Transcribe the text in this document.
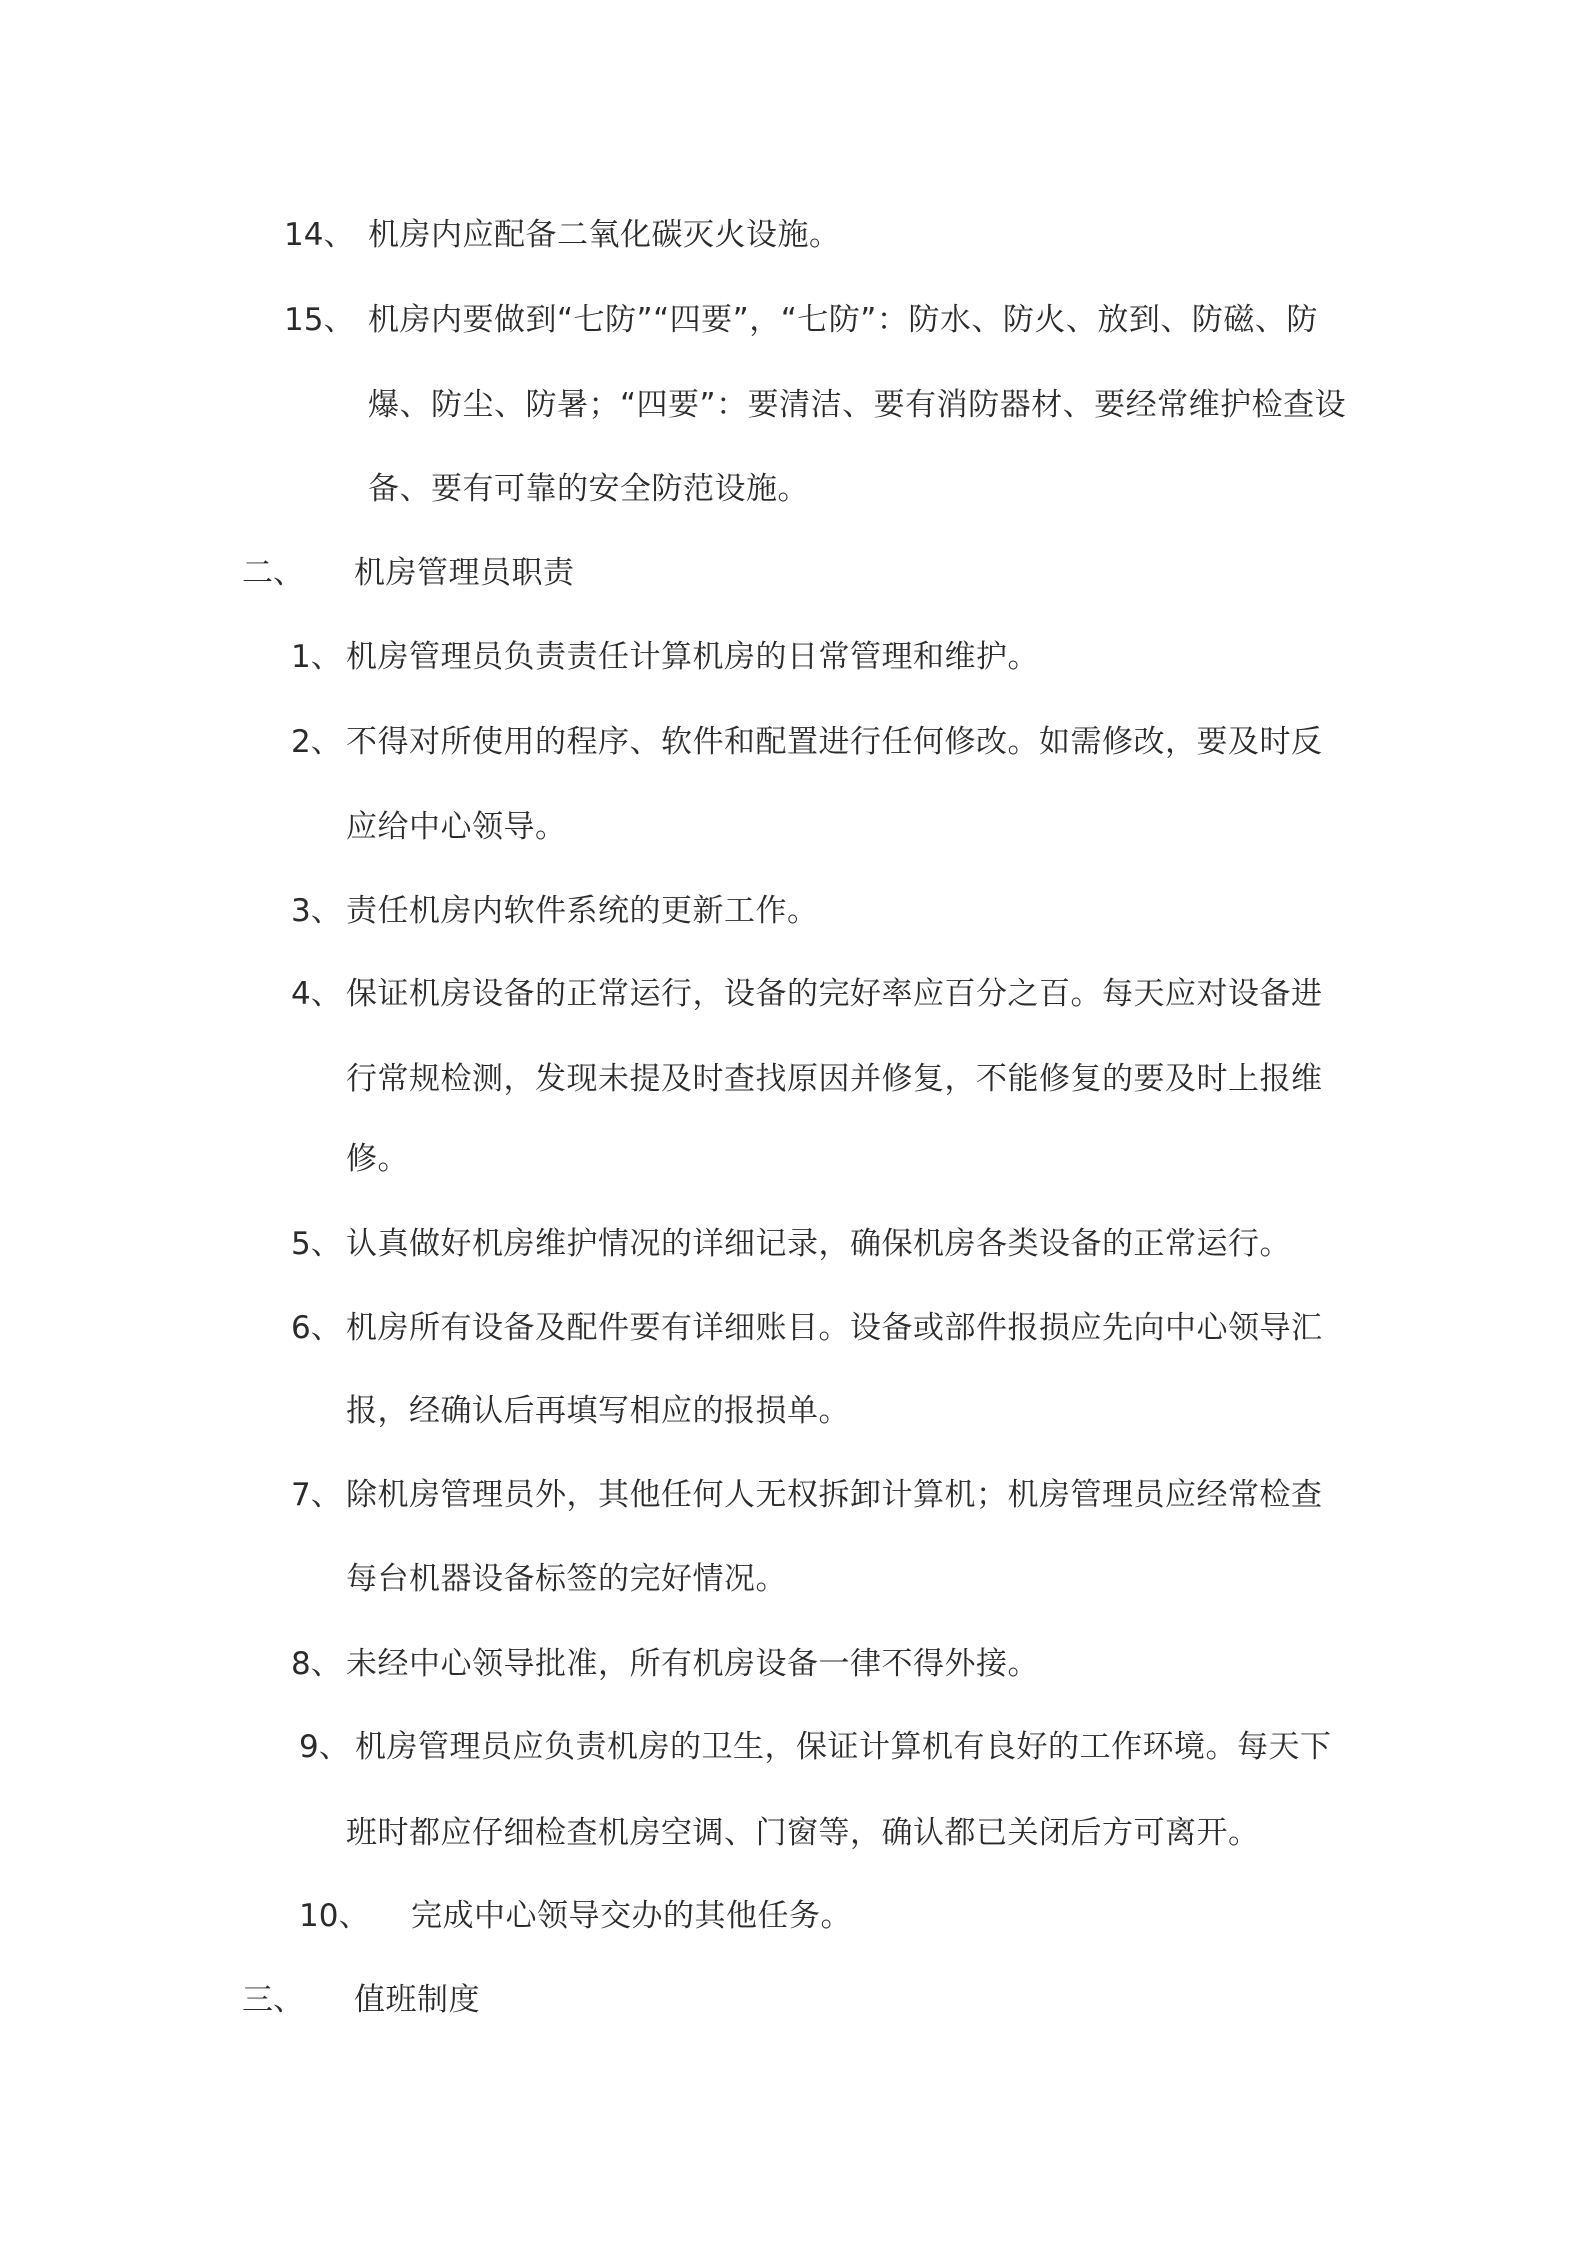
14、 机房内应配备二氧化碳灭火设施。
15、 机房内要做到“七防”“四要”，“七防”：防水、防火、放到、防磁、防
爆、防尘、防暑；“四要”：要清洁、要有消防器材、要经常维护检查设
备、要有可靠的安全防范设施。
二、 机房管理员职责
1、 机房管理员负责责任计算机房的日常管理和维护。
2、 不得对所使用的程序、软件和配置进行任何修改。如需修改，要及时反
应给中心领导。
3、 责任机房内软件系统的更新工作。
4、 保证机房设备的正常运行，设备的完好率应百分之百。每天应对设备进
行常规检测，发现未提及时查找原因并修复，不能修复的要及时上报维
修。
5、 认真做好机房维护情况的详细记录，确保机房各类设备的正常运行。
6、 机房所有设备及配件要有详细账目。设备或部件报损应先向中心领导汇
报，经确认后再填写相应的报损单。
7、 除机房管理员外，其他任何人无权拆卸计算机；机房管理员应经常检查
每台机器设备标签的完好情况。
8、 未经中心领导批准，所有机房设备一律不得外接。
9、 机房管理员应负责机房的卫生，保证计算机有良好的工作环境。每天下
班时都应仔细检查机房空调、门窗等，确认都已关闭后方可离开。
10、 完成中心领导交办的其他任务。
三、 值班制度
